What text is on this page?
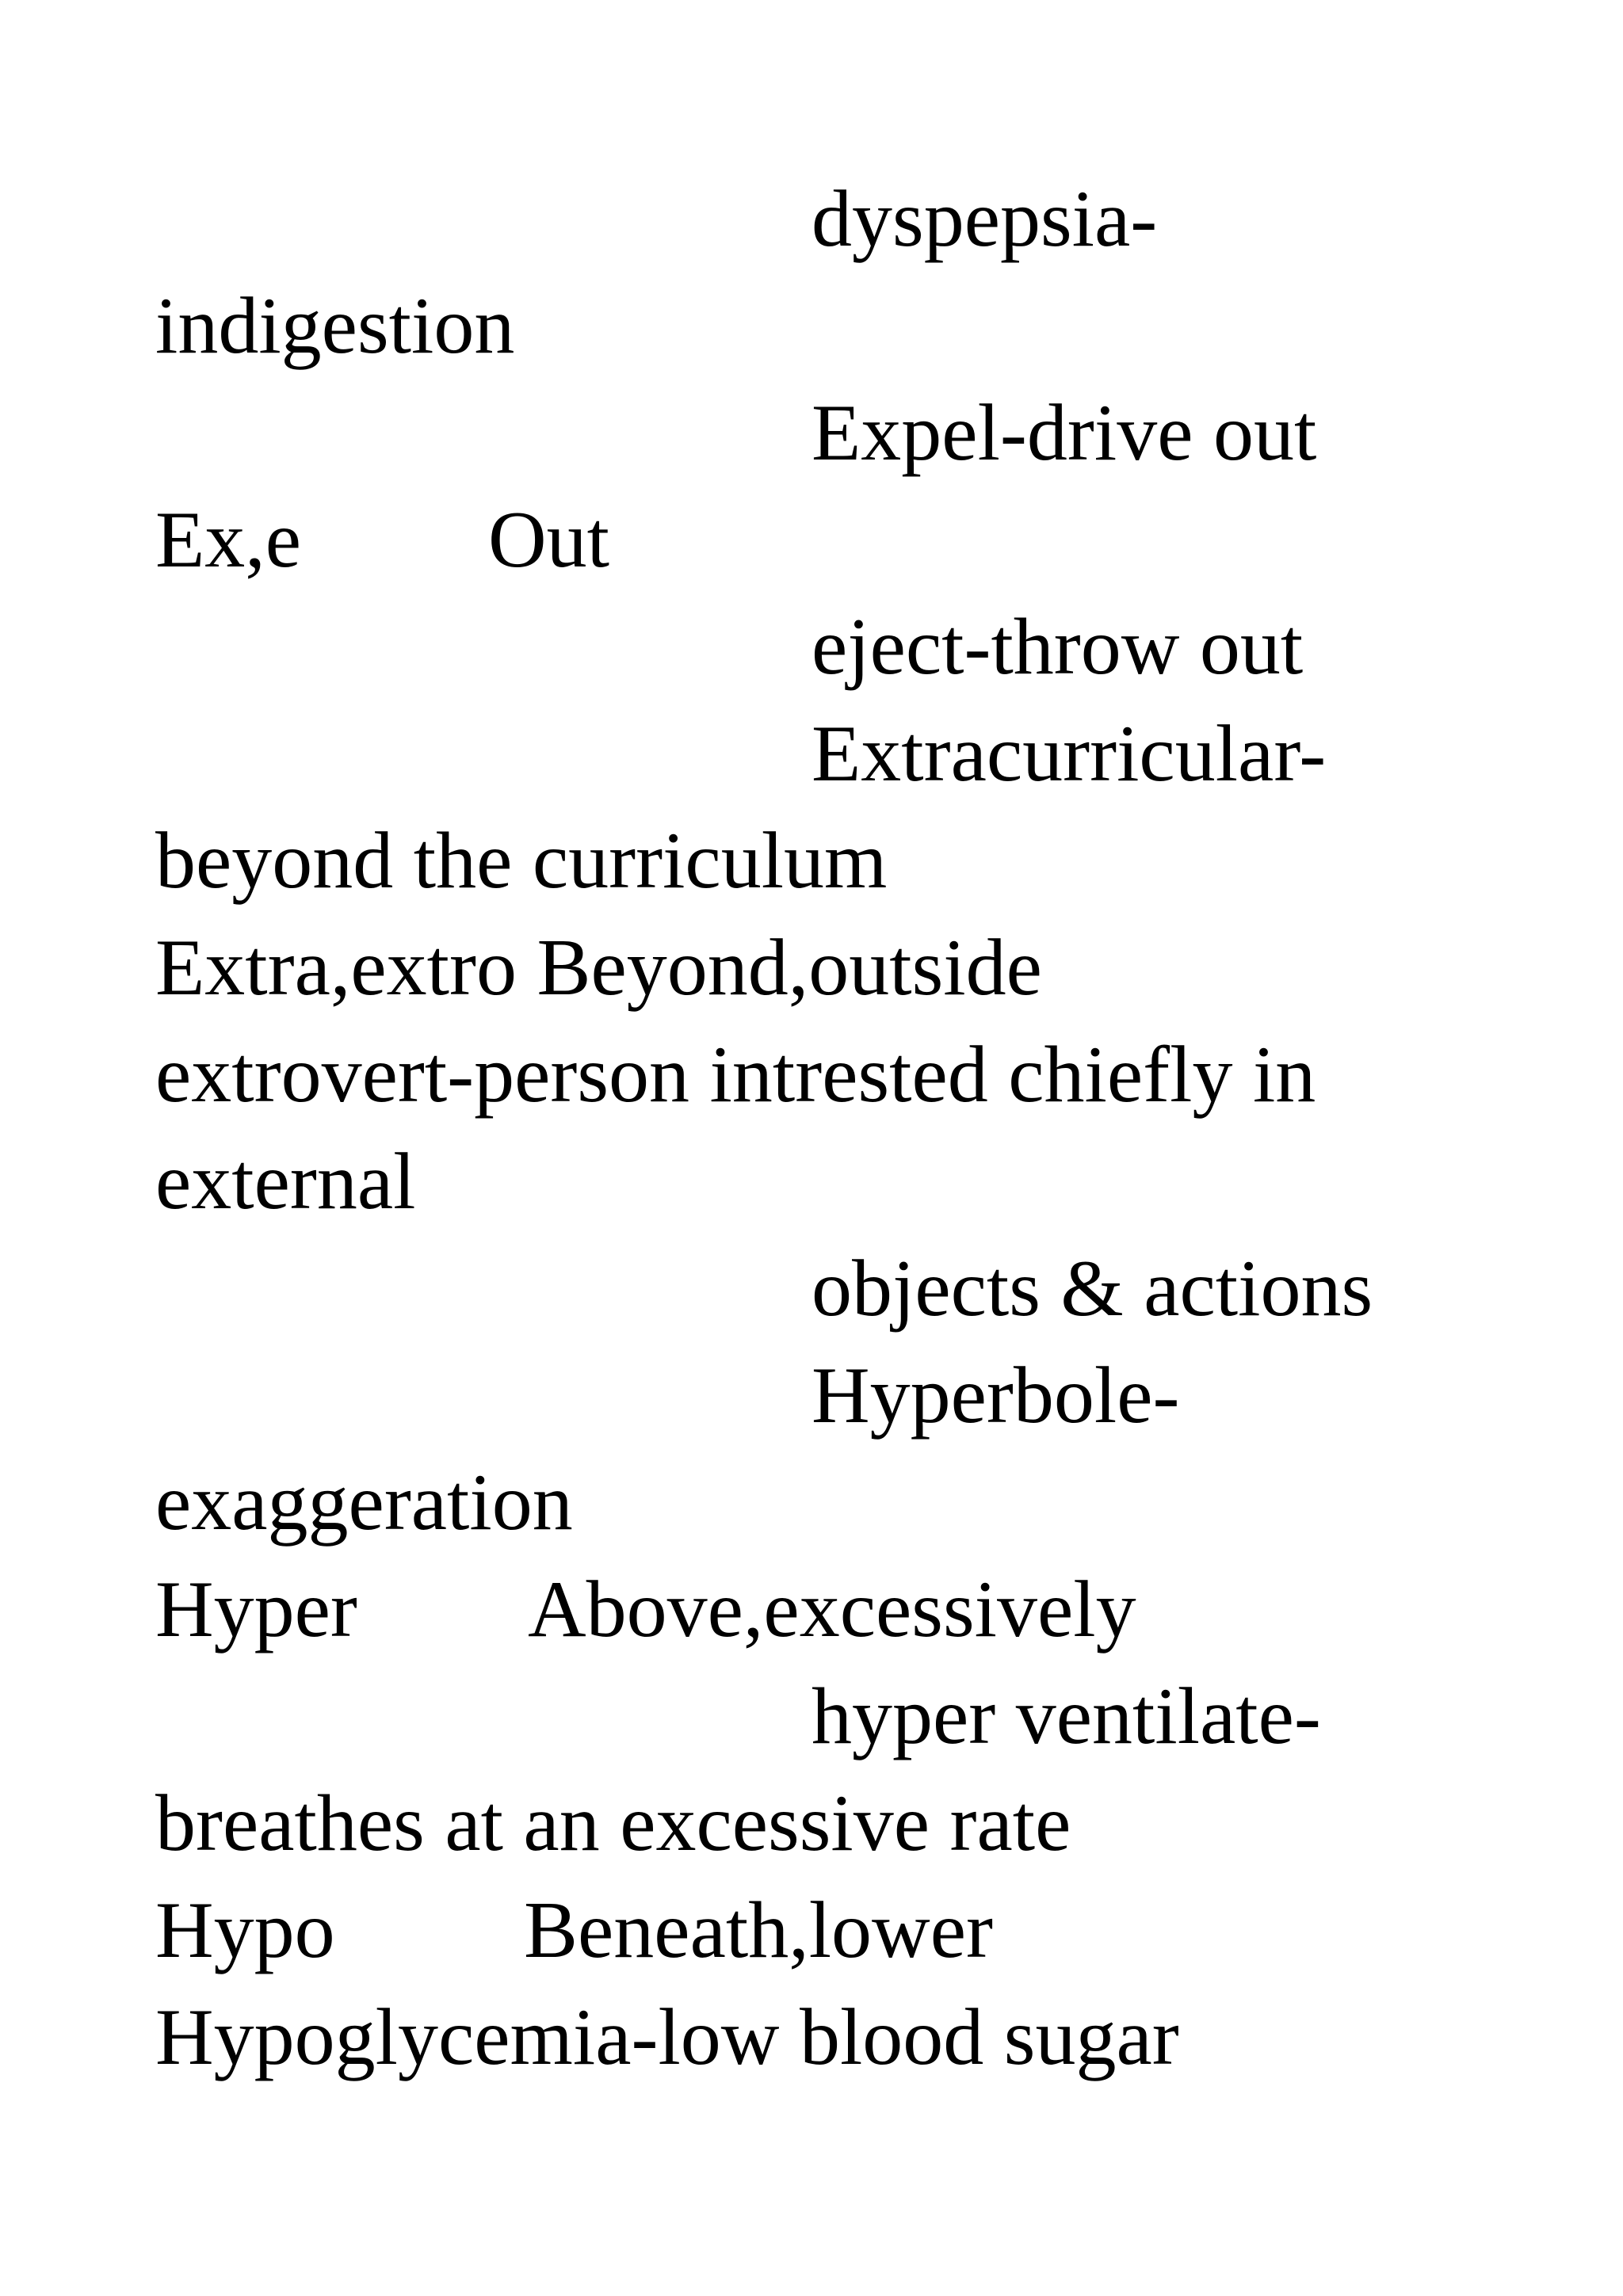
dyspepsia-
indigestion
Expel-drive out
Ex,e Out
eject-throw out
Extracurricular-
beyond the curriculum
Extra,extro Beyond,outside
extrovert-person intrested chiefly in
external
objects & actions
Hyperbole-
exaggeration
Hyper Above,excessively
hyper ventilate-
breathes at an excessive rate
Hypo Beneath,lower
Hypoglycemia-low blood sugar
